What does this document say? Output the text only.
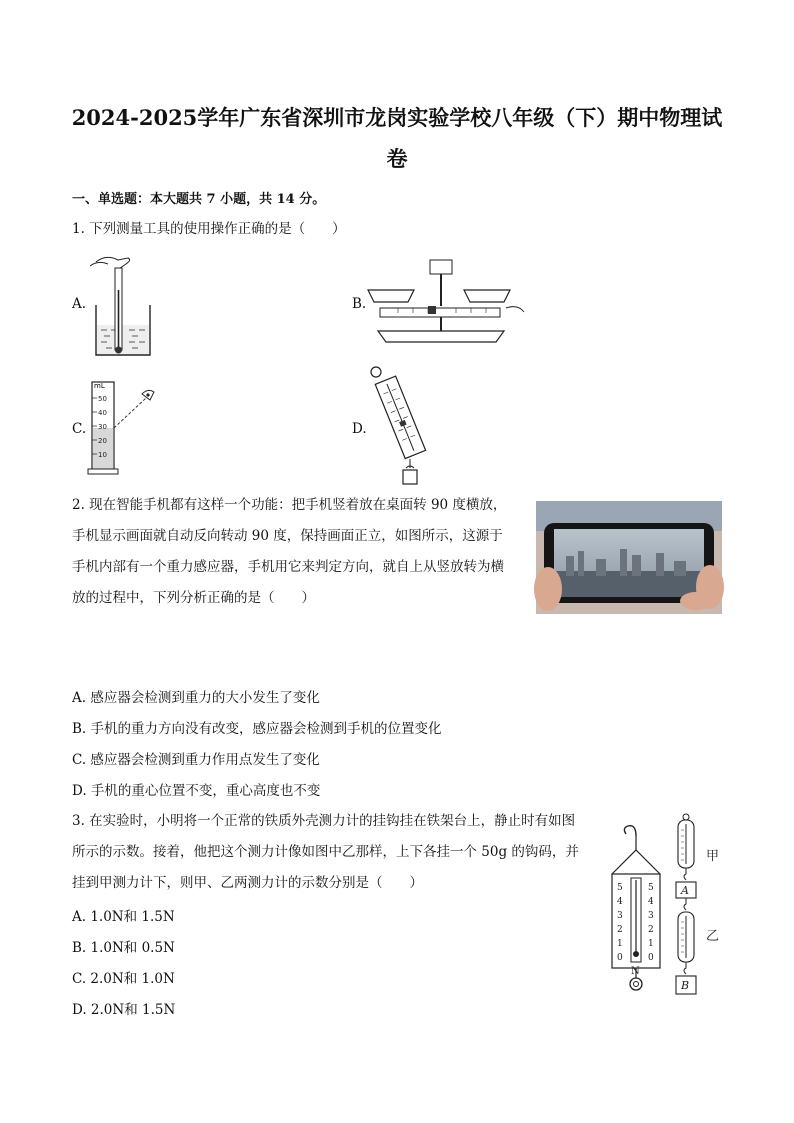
2024-2025学年广东省深圳市龙岗实验学校八年级（下）期中物理试
卷
一、单选题：本大题共 7 小题，共 14 分。
1. 下列测量工具的使用操作正确的是（　　）
A.	B.
C.	D.
mL
50
40
30
20
10
2. 现在智能手机都有这样一个功能：把手机竖着放在桌面转 90 度横放，
手机显示画面就自动反向转动 90 度，保持画面正立，如图所示，这源于
手机内部有一个重力感应器，手机用它来判定方向，就自上从竖放转为横
放的过程中，下列分析正确的是（　　）
A. 感应器会检测到重力的大小发生了变化
B. 手机的重力方向没有改变，感应器会检测到手机的位置变化
C. 感应器会检测到重力作用点发生了变化
D. 手机的重心位置不变，重心高度也不变
3. 在实验时，小明将一个正常的铁质外壳测力计的挂钩挂在铁架台上，静止时有如图
所示的示数。接着，他把这个测力计像如图中乙那样，上下各挂一个 50g 的钩码，并
挂到甲测力计下，则甲、乙两测力计的示数分别是（　　）
A. 1.0N和 1.5N
B. 1.0N和 0.5N
C. 2.0N和 1.0N
D. 2.0N和 1.5N
5
4
3
2
1
0
5
4
3
2
1
0
N
A
B
甲
乙
